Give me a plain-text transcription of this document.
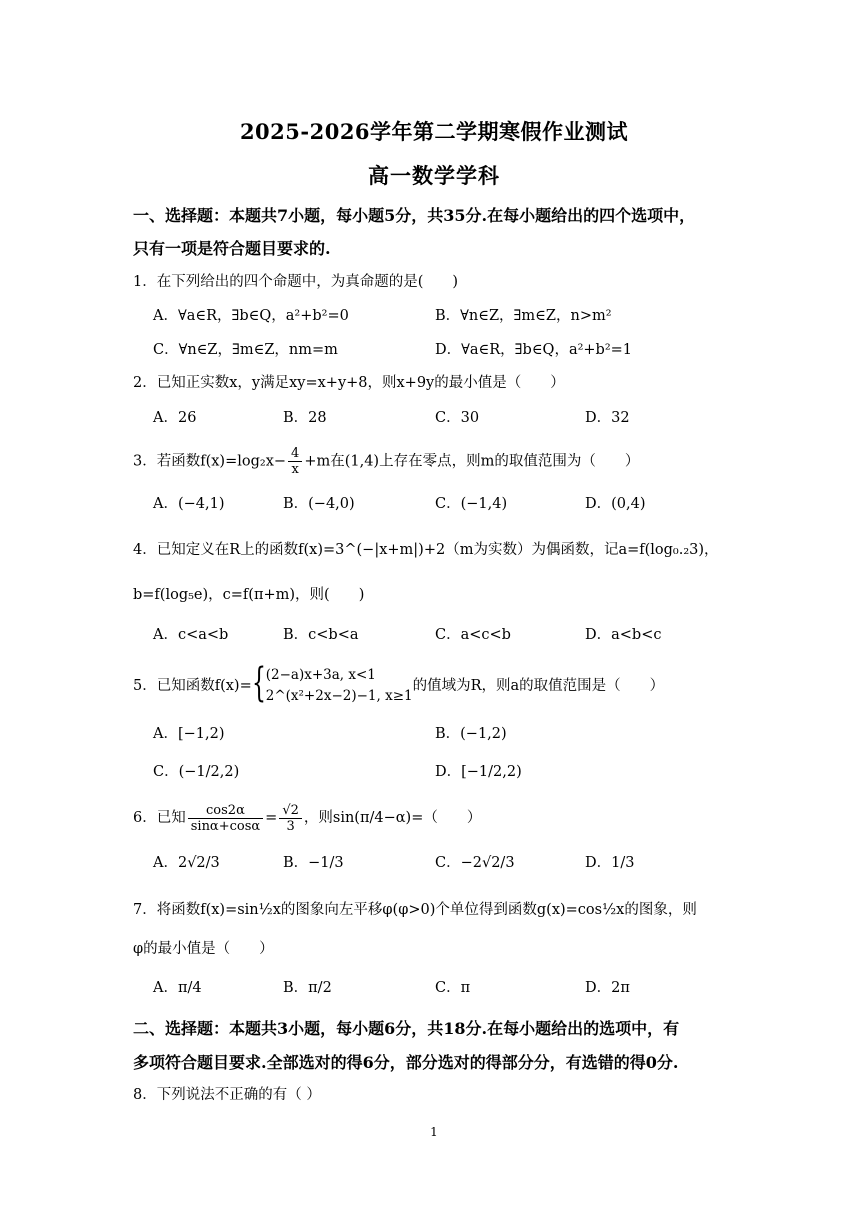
2025-2026学年第二学期寒假作业测试
高一数学学科
一、选择题：本题共7小题，每小题5分，共35分.在每小题给出的四个选项中，
只有一项是符合题目要求的.
1．在下列给出的四个命题中，为真命题的是(　　)
A．∀a∈R，∃b∈Q，a²+b²=0	B．∀n∈Z，∃m∈Z，n>m²
C．∀n∈Z，∃m∈Z，nm=m	D．∀a∈R，∃b∈Q，a²+b²=1
2．已知正实数x，y满足xy=x+y+8，则x+9y的最小值是（　　）
A．26	B．28	C．30	D．32
3．若函数$f(x)=\log_2x- \frac{4}{x} +m$在(1,4)上存在零点，则m的取值范围为（　　）
A．(−4,1)	B．(−4,0)	C．(−1,4)	D．(0,4)
4．已知定义在R上的函数f(x)=3^(−|x+m|)+2（m为实数）为偶函数，记a=f(log₀.₂3)，
b=f(log₅e)，c=f(π+m)，则(　　)
A．c<a<b	B．c<b<a	C．a<c<b	D．a<b<c
5．已知函数f(x)= { (2−a)x+3a, x<1
2^(x²+2x−2)−1, x≥1
的值域为R，则a的取值范围是（　　）
A．[−1,2)	B．(−1,2)
C．(−1/2,2)	D．[−1/2,2)
6．已知 $\frac{\cos 2\alpha}{\sin\alpha+\cos\alpha} = \frac{√2}{3}$ ，则sin(π/4−α)=（　　）
A．2√2/3	B．−1/3	C．−2√2/3	D．1/3
7．将函数f(x)=sin½x的图象向左平移φ(φ>0)个单位得到函数g(x)=cos½x的图象，则
φ的最小值是（　　）
A．π/4	B．π/2	C．π	D．2π
二、选择题：本题共3小题，每小题6分，共18分.在每小题给出的选项中，有
多项符合题目要求.全部选对的得6分，部分选对的得部分分，有选错的得0分.
8．下列说法不正确的有（ ）
1
